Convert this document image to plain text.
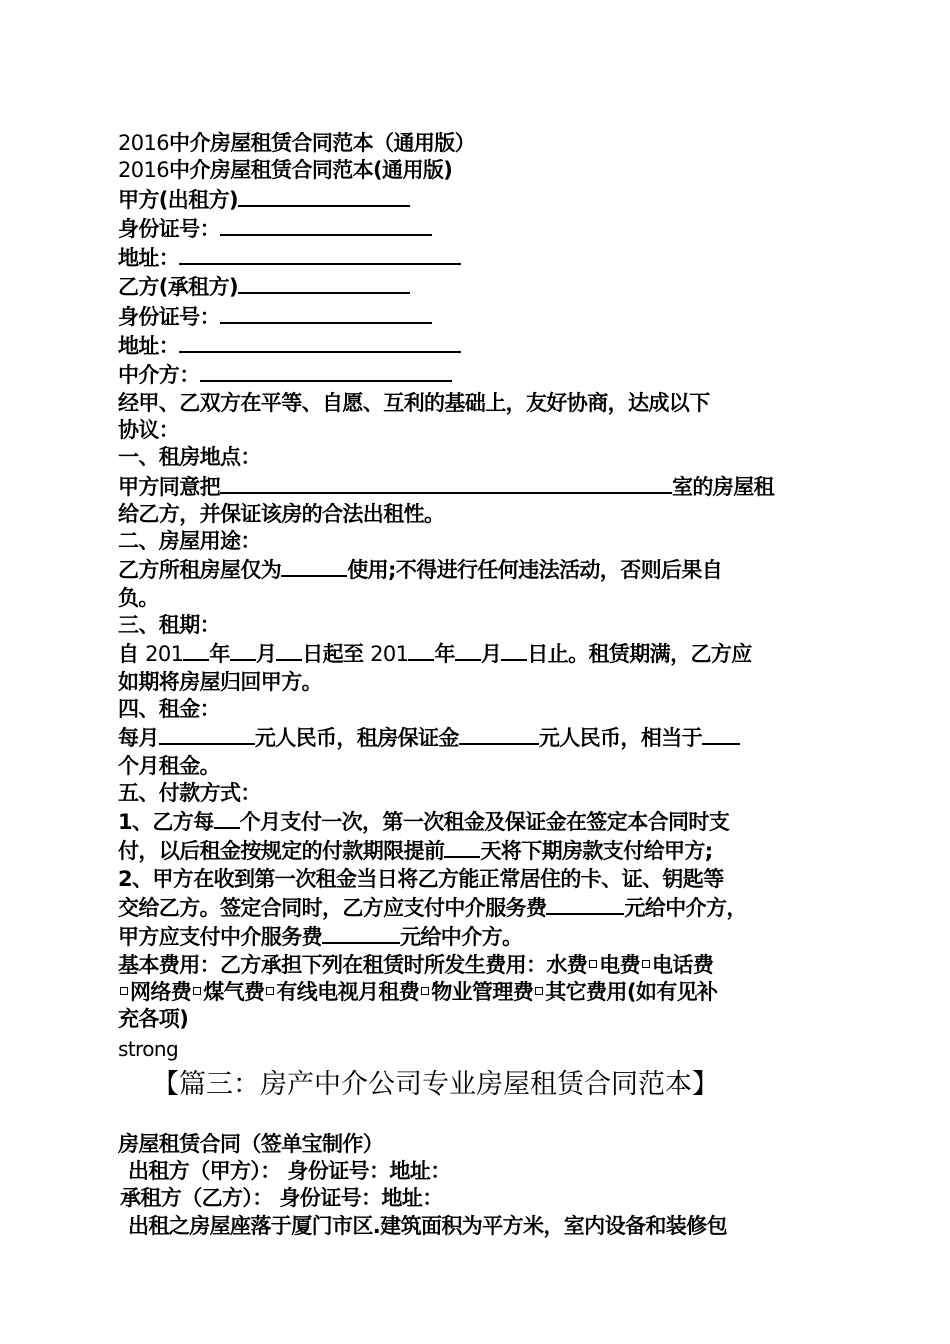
2016中介房屋租赁合同范本（通用版）
2016中介房屋租赁合同范本(通用版)
甲方(出租方)
身份证号：
地址：
乙方(承租方)
身份证号：
地址：
中介方：
经甲、乙双方在平等、自愿、互利的基础上，友好协商，达成以下
协议：
一、租房地点：
甲方同意把	室的房屋租
给乙方，并保证该房的合法出租性。
二、房屋用途：
乙方所租房屋仅为	使用;不得进行任何违法活动，否则后果自
负。
三、租期：
自 201 年 月 日起至 201 年 月 日止。租赁期满，乙方应
如期将房屋归回甲方。
四、租金：
每月	元人民币，租房保证金	元人民币，相当于
个月租金。
五、付款方式：
1、乙方每 个月支付一次，第一次租金及保证金在签定本合同时支
付，以后租金按规定的付款期限提前 天将下期房款支付给甲方;
2、甲方在收到第一次租金当日将乙方能正常居住的卡、证、钥匙等
交给乙方。签定合同时，乙方应支付中介服务费	元给中介方，
甲方应支付中介服务费	元给中介方。
基本费用：乙方承担下列在租赁时所发生费用：水费 电费 电话费
网络费 煤气费 有线电视月租费 物业管理费 其它费用(如有见补
充各项)
strong
【篇三：房产中介公司专业房屋租赁合同范本】
房屋租赁合同（签单宝制作）
出租方（甲方）： 身份证号：地址：
承租方（乙方）： 身份证号：地址：
出租之房屋座落于厦门市区.建筑面积为平方米，室内设备和装修包
